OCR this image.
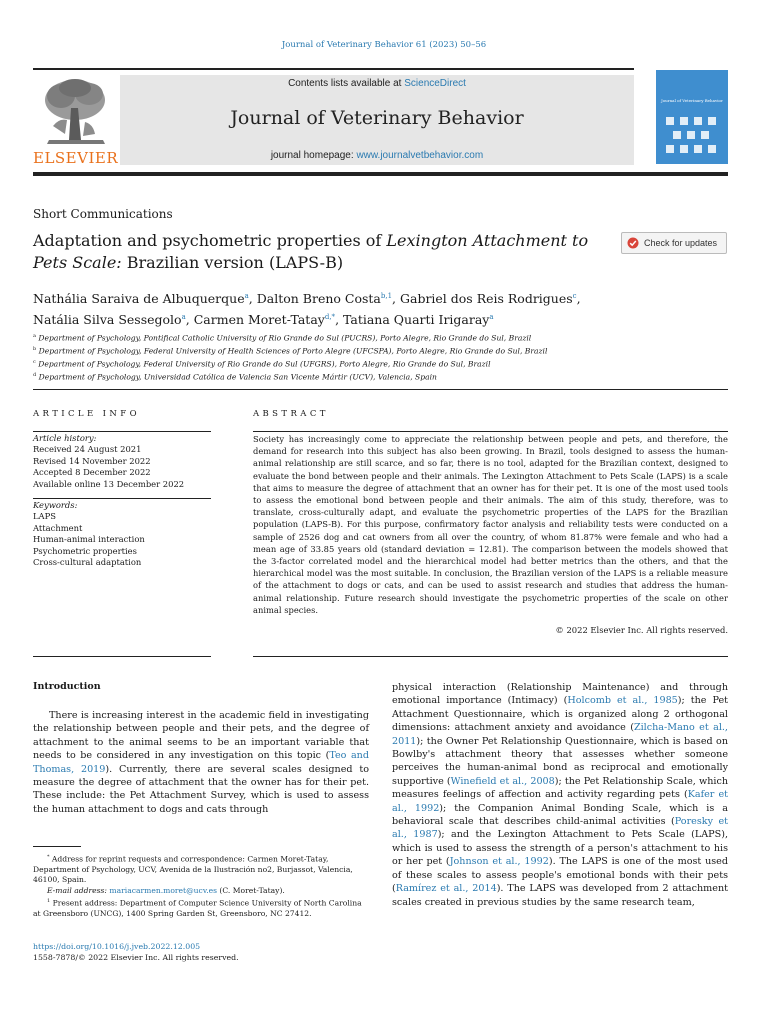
Journal of Veterinary Behavior 61 (2023) 50–56
ELSEVIER
Contents lists available at ScienceDirect
Journal of Veterinary Behavior
journal homepage: www.journalvetbehavior.com
Journal of Veterinary Behavior
Short Communications
Adaptation and psychometric properties of Lexington Attachment to Pets Scale: Brazilian version (LAPS-B)
Check for updates
Nathália Saraiva de Albuquerque$^a$, Dalton Breno Costa$^{b,1}$, Gabriel dos Reis Rodrigues$^c$,
Natália Silva Sessegolo$^a$, Carmen Moret-Tatay$^{d,*}$, Tatiana Quarti Irigaray$^a$
$^a$ Department of Psychology, Pontifical Catholic University of Rio Grande do Sul (PUCRS), Porto Alegre, Rio Grande do Sul, Brazil
$^b$ Department of Psychology, Federal University of Health Sciences of Porto Alegre (UFCSPA), Porto Alegre, Rio Grande do Sul, Brazil
$^c$ Department of Psychology, Federal University of Rio Grande do Sul (UFGRS), Porto Alegre, Rio Grande do Sul, Brazil
$^d$ Department of Psychology, Universidad Católica de Valencia San Vicente Mártir (UCV), Valencia, Spain
ARTICLE INFO	ABSTRACT
Article history:
Received 24 August 2021
Revised 14 November 2022
Accepted 8 December 2022
Available online 13 December 2022
Keywords:
LAPS
Attachment
Human-animal interaction
Psychometric properties
Cross-cultural adaptation
Society has increasingly come to appreciate the relationship between people and pets, and therefore, the demand for research into this subject has also been growing. In Brazil, tools designed to assess the human-animal relationship are still scarce, and so far, there is no tool, adapted for the Brazilian context, designed to evaluate the bond between people and their animals. The Lexington Attachment to Pets Scale (LAPS) is a scale that aims to measure the degree of attachment that an owner has for their pet. It is one of the most used tools to assess the emotional bond between people and their animals. The aim of this study, therefore, was to translate, cross-culturally adapt, and evaluate the psychometric properties of the LAPS for the Brazilian population (LAPS-B). For this purpose, confirmatory factor analysis and reliability tests were conducted on a sample of 2526 dog and cat owners from all over the country, of whom 81.87% were female and who had a mean age of 33.85 years old (standard deviation = 12.81). The comparison between the models showed that the 3-factor correlated model and the hierarchical model had better metrics than the others, and that the hierarchical model was the most suitable. In conclusion, the Brazilian version of the LAPS is a reliable measure of the attachment to dogs or cats, and can be used to assist research and studies that address the human-animal relationship. Future research should investigate the psychometric properties of the scale on other animal species.
© 2022 Elsevier Inc. All rights reserved.
Introduction
There is increasing interest in the academic field in investigating the relationship between people and their pets, and the degree of attachment to the animal seems to be an important variable that needs to be considered in any investigation on this topic (Teo and Thomas, 2019). Currently, there are several scales designed to measure the degree of attachment that the owner has for their pet. These include: the Pet Attachment Survey, which is used to assess the human attachment to dogs and cats through
physical interaction (Relationship Maintenance) and through emotional importance (Intimacy) (Holcomb et al., 1985); the Pet Attachment Questionnaire, which is organized along 2 orthogonal dimensions: attachment anxiety and avoidance (Zilcha-Mano et al., 2011); the Owner Pet Relationship Questionnaire, which is based on Bowlby's attachment theory that assesses whether someone perceives the human-animal bond as reciprocal and emotionally supportive (Winefield et al., 2008); the Pet Relationship Scale, which measures feelings of affection and activity regarding pets (Kafer et al., 1992); the Companion Animal Bonding Scale, which is a behavioral scale that describes child-animal activities (Poresky et al., 1987); and the Lexington Attachment to Pets Scale (LAPS), which is used to assess the strength of a person's attachment to his or her pet (Johnson et al., 1992). The LAPS is one of the most used of these scales to assess people's emotional bonds with their pets (Ramírez et al., 2014). The LAPS was developed from 2 attachment scales created in previous studies by the same research team,

* Address for reprint requests and correspondence: Carmen Moret-Tatay, Department of Psychology, UCV, Avenida de la Ilustración no2, Burjassot, Valencia, 46100, Spain.

E-mail address: mariacarmen.moret@ucv.es (C. Moret-Tatay).

$^1$ Present address: Department of Computer Science University of North Carolina at Greensboro (UNCG), 1400 Spring Garden St, Greensboro, NC 27412.

https://doi.org/10.1016/j.jveb.2022.12.005
1558-7878/© 2022 Elsevier Inc. All rights reserved.
